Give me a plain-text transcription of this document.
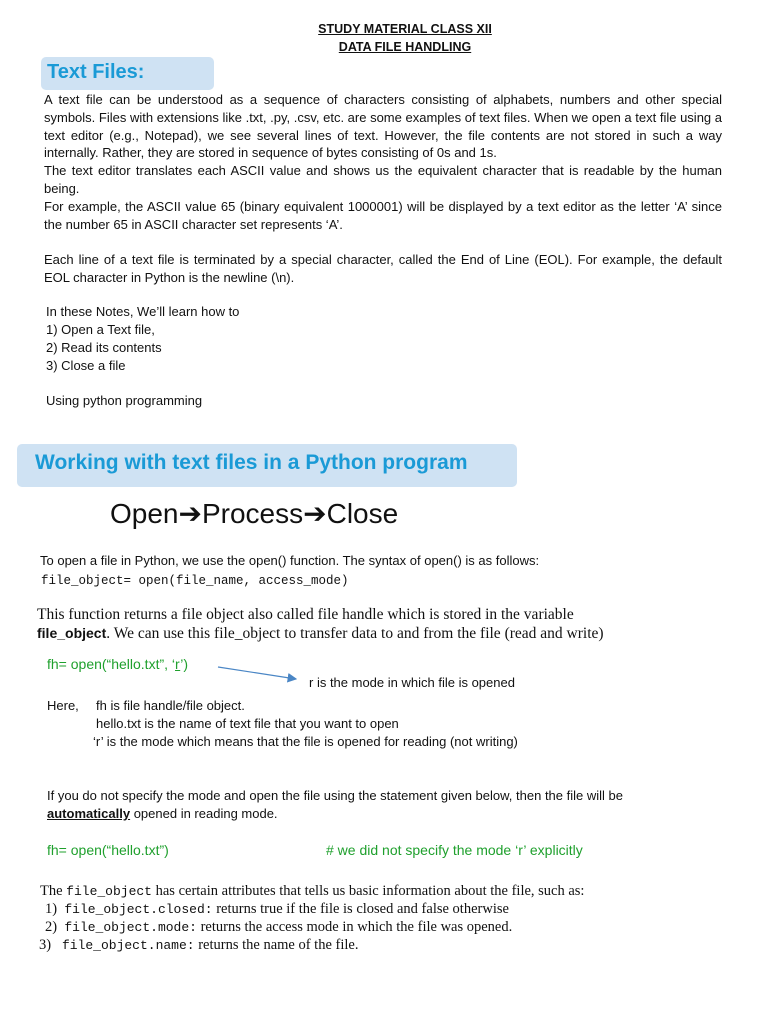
STUDY MATERIAL CLASS XII
DATA FILE HANDLING
Text Files:

A text file can be understood as a sequence of characters consisting of alphabets, numbers and other special symbols. Files with extensions like .txt, .py, .csv, etc. are some examples of text files. When we open a text file using a text editor (e.g., Notepad), we see several lines of text. However, the file contents are not stored in such a way internally. Rather, they are stored in sequence of bytes consisting of 0s and 1s.

The text editor translates each ASCII value and shows us the equivalent character that is readable by the human being.

For example, the ASCII value 65 (binary equivalent 1000001) will be displayed by a text editor as the letter ‘A’ since the number 65 in ASCII character set represents ‘A’.

Each line of a text file is terminated by a special character, called the End of Line (EOL). For example, the default EOL character in Python is the newline (\n).
In these Notes, We’ll learn how to
1) Open a Text file,
2) Read its contents
3) Close a file
Using python programming
Working with text files in a Python program
Open➔Process➔Close
To open a file in Python, we use the open() function. The syntax of open() is as follows:
file_object= open(file_name, access_mode)
This function returns a file object also called file handle which is stored in the variable
file_object. We can use this file_object to transfer data to and from the file (read and write)
fh= open(“hello.txt”, ‘r’)
r is the mode in which file is opened
Here, fh is file handle/file object.
hello.txt is the name of text file that you want to open
‘r’ is the mode which means that the file is opened for reading (not writing)
If you do not specify the mode and open the file using the statement given below, then the file will be
automatically opened in reading mode.
fh= open(“hello.txt”)	# we did not specify the mode ‘r’ explicitly
The file_object has certain attributes that tells us basic information about the file, such as:
1) file_object.closed: returns true if the file is closed and false otherwise
2) file_object.mode: returns the access mode in which the file was opened.
3) file_object.name: returns the name of the file.
